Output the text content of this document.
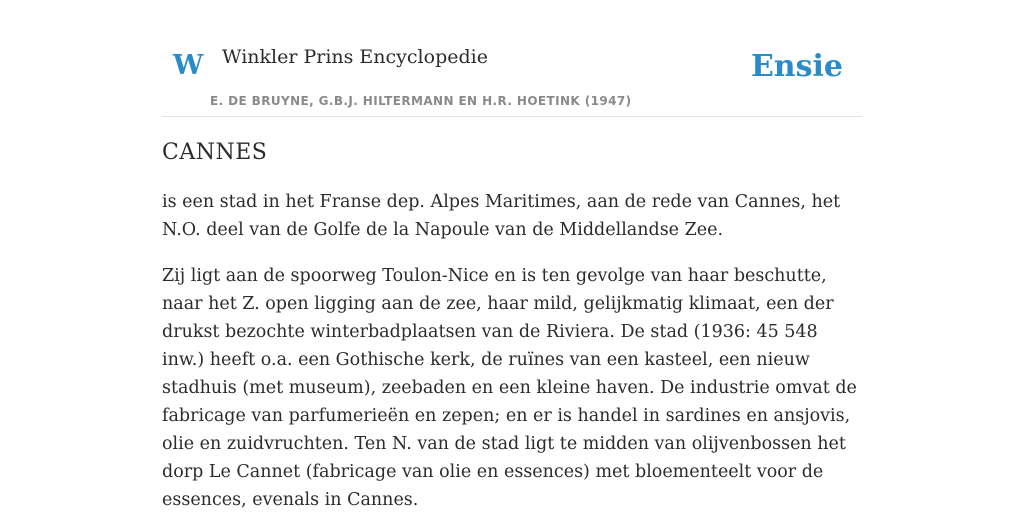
W Winkler Prins Encyclopedie
E. DE BRUYNE, G.B.J. HILTERMANN EN H.R. HOETINK (1947)
Ensie
CANNES

is een stad in het Franse dep. Alpes Maritimes, aan de rede van Cannes, het N.O. deel van de Golfe de la Napoule van de Middellandse Zee.

Zij ligt aan de spoorweg Toulon-Nice en is ten gevolge van haar beschutte, naar het Z. open ligging aan de zee, haar mild, gelijkmatig klimaat, een der drukst bezochte winterbadplaatsen van de Riviera. De stad (1936: 45 548 inw.) heeft o.a. een Gothische kerk, de ruïnes van een kasteel, een nieuw stadhuis (met museum), zeebaden en een kleine haven. De industrie omvat de fabricage van parfumerieën en zepen; en er is handel in sardines en ansjovis, olie en zuidvruchten. Ten N. van de stad ligt te midden van olijvenbossen het dorp Le Cannet (fabricage van olie en essences) met bloementeelt voor de essences, evenals in Cannes.
